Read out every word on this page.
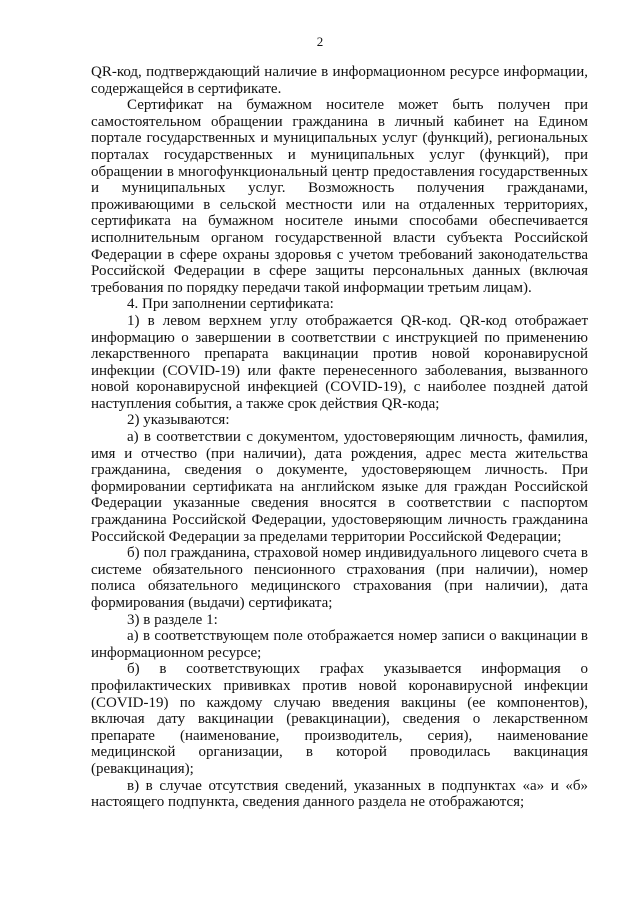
2

QR-код, подтверждающий наличие в информационном ресурсе информации, содержащейся в сертификате.

Сертификат на бумажном носителе может быть получен при самостоятельном обращении гражданина в личный кабинет на Едином портале государственных и муниципальных услуг (функций), региональных порталах государственных и муниципальных услуг (функций), при обращении в многофункциональный центр предоставления государственных и муниципальных услуг. Возможность получения гражданами, проживающими в сельской местности или на отдаленных территориях, сертификата на бумажном носителе иными способами обеспечивается исполнительным органом государственной власти субъекта Российской Федерации в сфере охраны здоровья с учетом требований законодательства Российской Федерации в сфере защиты персональных данных (включая требования по порядку передачи такой информации третьим лицам).

4. При заполнении сертификата:

1) в левом верхнем углу отображается QR-код. QR-код отображает информацию о завершении в соответствии с инструкцией по применению лекарственного препарата вакцинации против новой коронавирусной инфекции (COVID-19) или факте перенесенного заболевания, вызванного новой коронавирусной инфекцией (COVID-19), с наиболее поздней датой наступления события, а также срок действия QR-кода;

2) указываются:

а) в соответствии с документом, удостоверяющим личность, фамилия, имя и отчество (при наличии), дата рождения, адрес места жительства гражданина, сведения о документе, удостоверяющем личность. При формировании сертификата на английском языке для граждан Российской Федерации указанные сведения вносятся в соответствии с паспортом гражданина Российской Федерации, удостоверяющим личность гражданина Российской Федерации за пределами территории Российской Федерации;

б) пол гражданина, страховой номер индивидуального лицевого счета в системе обязательного пенсионного страхования (при наличии), номер полиса обязательного медицинского страхования (при наличии), дата формирования (выдачи) сертификата;

3) в разделе 1:

а) в соответствующем поле отображается номер записи о вакцинации в информационном ресурсе;

б) в соответствующих графах указывается информация о профилактических прививках против новой коронавирусной инфекции (COVID-19) по каждому случаю введения вакцины (ее компонентов), включая дату вакцинации (ревакцинации), сведения о лекарственном препарате (наименование, производитель, серия), наименование медицинской организации, в которой проводилась вакцинация (ревакцинация);

в) в случае отсутствия сведений, указанных в подпунктах «а» и «б» настоящего подпункта, сведения данного раздела не отображаются;
